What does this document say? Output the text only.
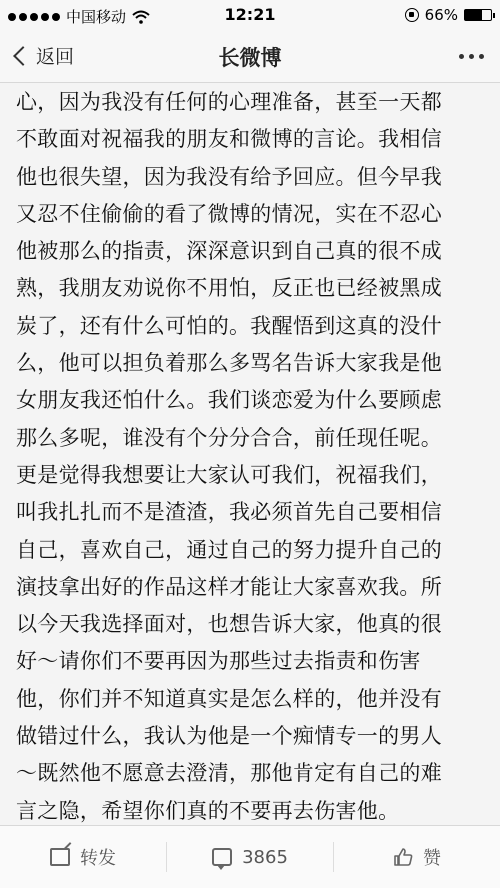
中国移动	12:21	66%
返回	长微博
心，因为我没有任何的心理准备，甚至一天都
不敢面对祝福我的朋友和微博的言论。我相信
他也很失望，因为我没有给予回应。但今早我
又忍不住偷偷的看了微博的情况，实在不忍心
他被那么的指责，深深意识到自己真的很不成
熟，我朋友劝说你不用怕，反正也已经被黑成
炭了，还有什么可怕的。我醒悟到这真的没什
么，他可以担负着那么多骂名告诉大家我是他
女朋友我还怕什么。我们谈恋爱为什么要顾虑
那么多呢，谁没有个分分合合，前任现任呢。
更是觉得我想要让大家认可我们，祝福我们，
叫我扎扎而不是渣渣，我必须首先自己要相信
自己，喜欢自己，通过自己的努力提升自己的
演技拿出好的作品这样才能让大家喜欢我。所
以今天我选择面对，也想告诉大家，他真的很
好～请你们不要再因为那些过去指责和伤害
他，你们并不知道真实是怎么样的，他并没有
做错过什么，我认为他是一个痴情专一的男人
～既然他不愿意去澄清，那他肯定有自己的难
言之隐，希望你们真的不要再去伤害他。
转发	3865	赞
